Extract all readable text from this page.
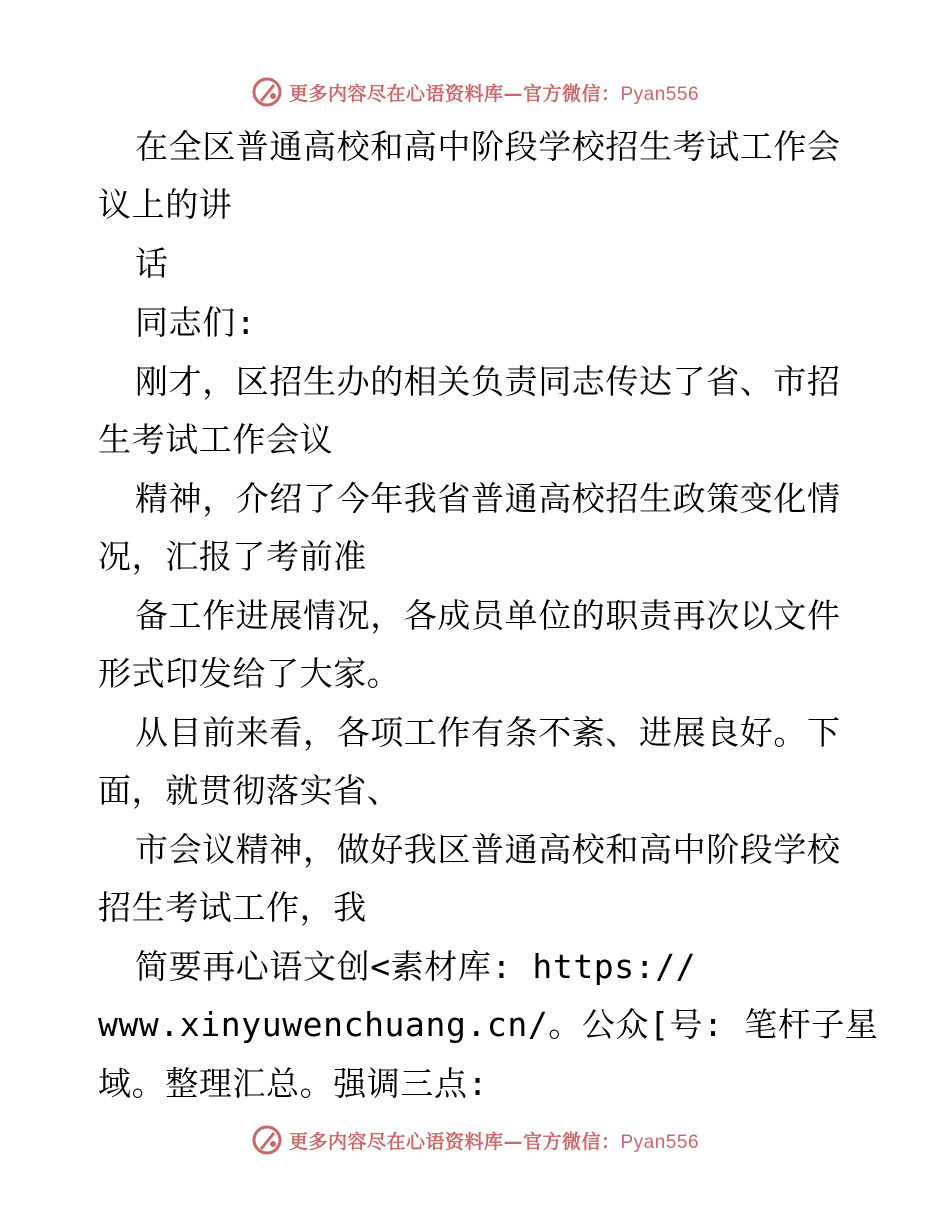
更多内容尽在心语资料库—官方微信：Pyan556
在全区普通高校和高中阶段学校招生考试工作会
议上的讲
话
同志们:
刚才，区招生办的相关负责同志传达了省、市招
生考试工作会议
精神，介绍了今年我省普通高校招生政策变化情
况，汇报了考前准
备工作进展情况，各成员单位的职责再次以文件
形式印发给了大家。
从目前来看，各项工作有条不紊、进展良好。下
面，就贯彻落实省、
市会议精神，做好我区普通高校和高中阶段学校
招生考试工作，我
简要再心语文创<素材库: https://
www.xinyuwenchuang.cn/。公众[号: 笔杆子星
域。整理汇总。强调三点:
更多内容尽在心语资料库—官方微信：Pyan556
